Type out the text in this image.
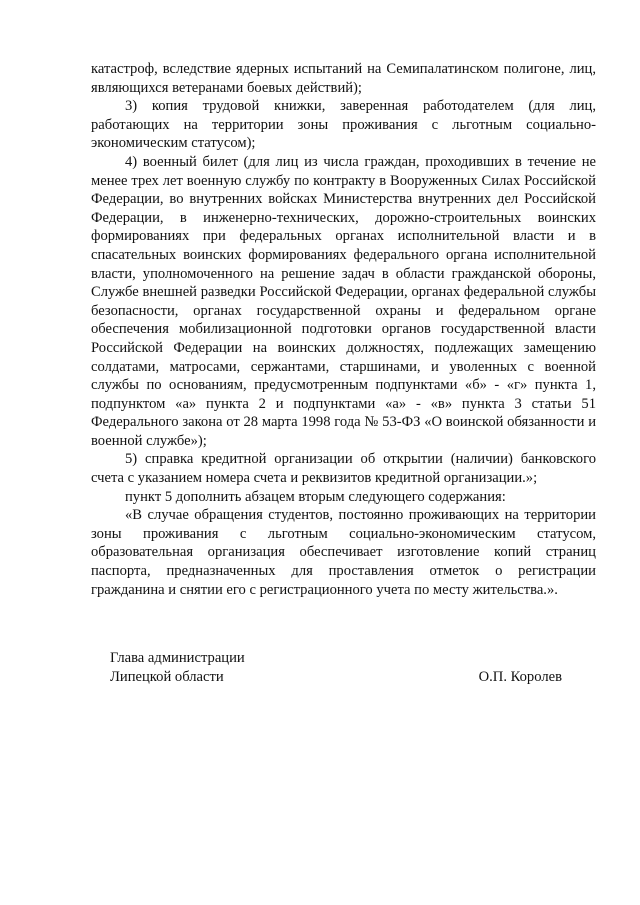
катастроф, вследствие ядерных испытаний на Семипалатинском полигоне, лиц, являющихся ветеранами боевых действий);

3) копия трудовой книжки, заверенная работодателем (для лиц, работающих на территории зоны проживания с льготным социально-экономическим статусом);

4) военный билет (для лиц из числа граждан, проходивших в течение не менее трех лет военную службу по контракту в Вооруженных Силах Российской Федерации, во внутренних войсках Министерства внутренних дел Российской Федерации, в инженерно-технических, дорожно-строительных воинских формированиях при федеральных органах исполнительной власти и в спасательных воинских формированиях федерального органа исполнительной власти, уполномоченного на решение задач в области гражданской обороны, Службе внешней разведки Российской Федерации, органах федеральной службы безопасности, органах государственной охраны и федеральном органе обеспечения мобилизационной подготовки органов государственной власти Российской Федерации на воинских должностях, подлежащих замещению солдатами, матросами, сержантами, старшинами, и уволенных с военной службы по основаниям, предусмотренным подпунктами «б» - «г» пункта 1, подпунктом «а» пункта 2 и подпунктами «а» - «в» пункта 3 статьи 51 Федерального закона от 28 марта 1998 года № 53-ФЗ «О воинской обязанности и военной службе»);

5) справка кредитной организации об открытии (наличии) банковского счета с указанием номера счета и реквизитов кредитной организации.»;

пункт 5 дополнить абзацем вторым следующего содержания:

«В случае обращения студентов, постоянно проживающих на территории зоны проживания с льготным социально-экономическим статусом, образовательная организация обеспечивает изготовление копий страниц паспорта, предназначенных для проставления отметок о регистрации гражданина и снятии его с регистрационного учета по месту жительства.».

Глава администрации
Липецкой области	О.П. Королев
